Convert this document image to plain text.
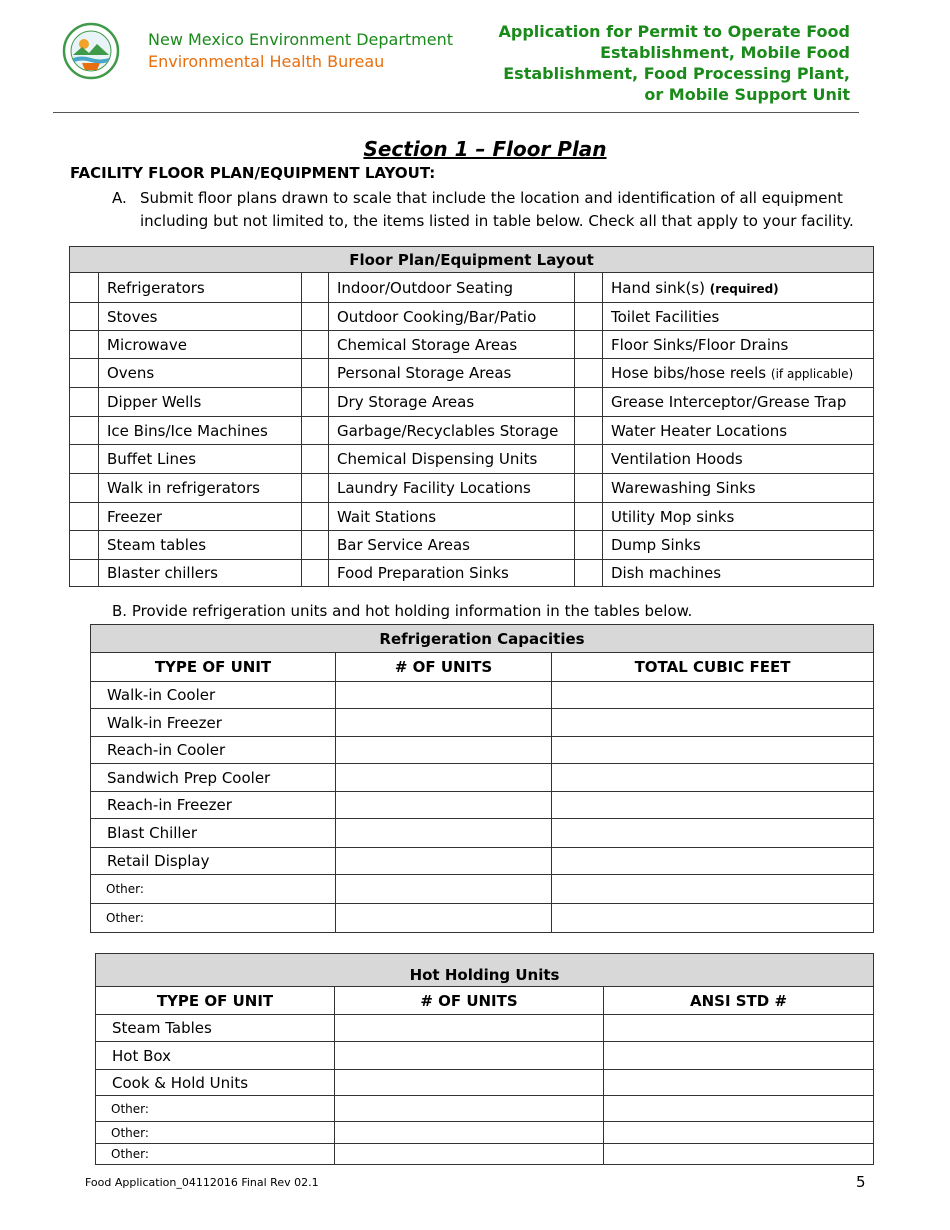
New Mexico Environment Department
Environmental Health Bureau
Application for Permit to Operate Food
Establishment, Mobile Food
Establishment, Food Processing Plant,
or Mobile Support Unit
Section 1 – Floor Plan
FACILITY FLOOR PLAN/EQUIPMENT LAYOUT:
A. Submit floor plans drawn to scale that include the location and identification of all equipment including but not limited to, the items listed in table below. Check all that apply to your facility.
Floor Plan/Equipment Layout					
	Refrigerators		Indoor/Outdoor Seating		Hand sink(s) (required)
	Stoves		Outdoor Cooking/Bar/Patio		Toilet Facilities
	Microwave		Chemical Storage Areas		Floor Sinks/Floor Drains
	Ovens		Personal Storage Areas		Hose bibs/hose reels (if applicable)
	Dipper Wells		Dry Storage Areas		Grease Interceptor/Grease Trap
	Ice Bins/Ice Machines		Garbage/Recyclables Storage		Water Heater Locations
	Buffet Lines		Chemical Dispensing Units		Ventilation Hoods
	Walk in refrigerators		Laundry Facility Locations		Warewashing Sinks
	Freezer		Wait Stations		Utility Mop sinks
	Steam tables		Bar Service Areas		Dump Sinks
	Blaster chillers		Food Preparation Sinks		Dish machines
B. Provide refrigeration units and hot holding information in the tables below.
Refrigeration Capacities		
TYPE OF UNIT	# OF UNITS	TOTAL CUBIC FEET
Walk-in Cooler		
Walk-in Freezer		
Reach-in Cooler		
Sandwich Prep Cooler		
Reach-in Freezer		
Blast Chiller		
Retail Display		
Other:		
Other:		
Hot Holding Units		
TYPE OF UNIT	# OF UNITS	ANSI STD #
Steam Tables		
Hot Box		
Cook & Hold Units		
Other:		
Other:		
Other:		
Food Application_04112016 Final Rev 02.1	5
